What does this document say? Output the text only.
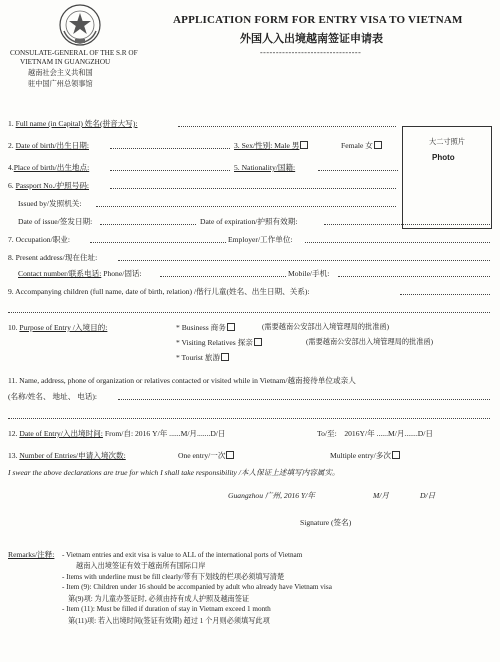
CONSULATE-GENERAL OF THE S.R OF
VIETNAM IN GUANGZHOU
越南社会主义共和国
驻中国广州总领事馆
APPLICATION FORM FOR ENTRY VISA TO VIETNAM
外国人入出境越南签证申请表
--------------------------------
大二寸照片
Photo
1. Full name (in Capital) 姓名(拼音大写):
2. Date of birth/出生日期:	3. Sex/性别: Male 男	Female 女
4.Place of birth/出生地点:	5. Nationality/国籍:
6. Passport No./护照号码:
Issued by/发照机关:
Date of issue/签发日期:	Date of expiration/护照有效期:
7. Occupation/职业:	Employer/工作单位:
8. Present address/现在住址:
Contact number/联系电话: Phone/固话:	Mobile/手机:
9. Accompanying children (full name, date of birth, relation) /偕行儿童(姓名、出生日期、关系):
10. Purpose of Entry /入境目的:	* Business 商务	(需要越南公安部出入境管理局的批准函)
* Visiting Relatives 探亲	(需要越南公安部出入境管理局的批准函)
* Tourist 旅游
11. Name, address, phone of organization or relatives contacted or visited while in Vietnam/越南接待单位或亲人
(名称/姓名、 地址、 电话):
12. Date of Entry/入出境时间: From/自: 2016 Y/年 ......M/月.......D/日	To/至: 2016Y/年 ......M/月.......D/日
13. Number of Entries/申请入境次数:	One entry/一次	Multiple entry/多次
I swear the above declarations are true for which I shall take responsibility /本人保证上述填写内容属实。
Guangzhou 广州, 2016 Y/年	M/月	D/日
Signature (签名)
Remarks/注释: - Vietnam entries and exit visa is value to ALL of the international ports of Vietnam
越南入出境签证有效于越南所有国际口岸
- Items with underline must be fill clearly/带有下划线的栏项必须填写清楚
- Item (9): Children under 16 should be accompanied by adult who already have Vietnam visa
第(9)项: 为儿童办签证时, 必须由持有成人护照及越南签证
- Item (11): Must be filled if duration of stay in Vietnam exceed 1 month
第(11)项: 若入出境时间(签证有效期) 超过 1 个月则必须填写此项
